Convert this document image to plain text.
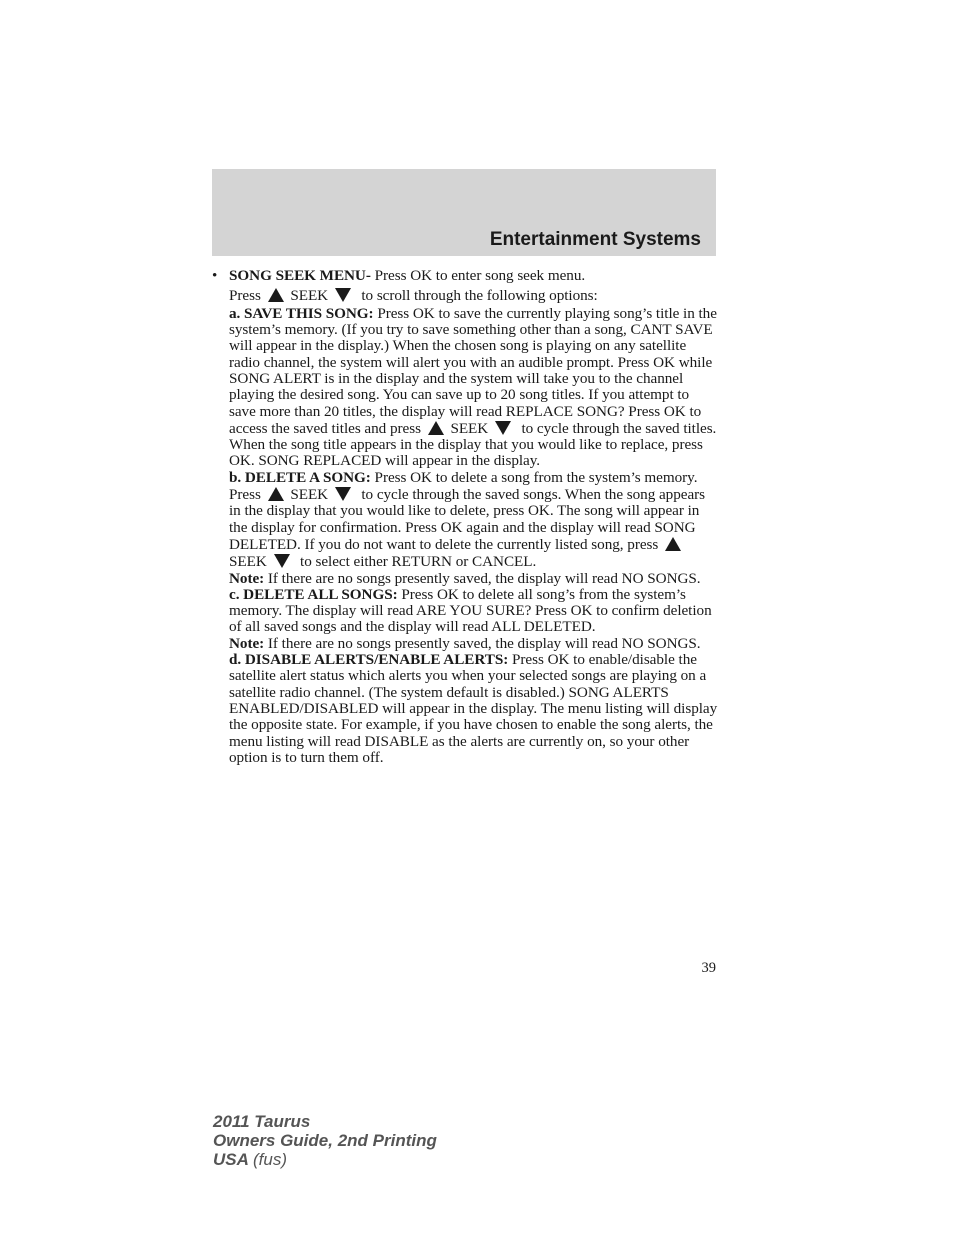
Entertainment Systems
• SONG SEEK MENU- Press OK to enter song seek menu.

Press SEEK to scroll through the following options:

a. SAVE THIS SONG: Press OK to save the currently playing song’s title in the system’s memory. (If you try to save something other than a song, CANT SAVE will appear in the display.) When the chosen song is playing on any satellite radio channel, the system will alert you with an audible prompt. Press OK while SONG ALERT is in the display and the system will take you to the channel playing the desired song. You can save up to 20 song titles. If you attempt to save more than 20 titles, the display will read REPLACE SONG? Press OK to access the saved titles and press SEEK to cycle through the saved titles. When the song title appears in the display that you would like to replace, press OK. SONG REPLACED will appear in the display.

b. DELETE A SONG: Press OK to delete a song from the system’s memory. Press SEEK to cycle through the saved songs. When the song appears in the display that you would like to delete, press OK. The song will appear in the display for confirmation. Press OK again and the display will read SONG DELETED. If you do not want to delete the currently listed song, press  SEEK to select either RETURN or CANCEL.

Note: If there are no songs presently saved, the display will read NO SONGS.

c. DELETE ALL SONGS: Press OK to delete all song’s from the system’s memory. The display will read ARE YOU SURE? Press OK to confirm deletion of all saved songs and the display will read ALL DELETED.

Note: If there are no songs presently saved, the display will read NO SONGS.

d. DISABLE ALERTS/ENABLE ALERTS: Press OK to enable/disable the satellite alert status which alerts you when your selected songs are playing on a satellite radio channel. (The system default is disabled.) SONG ALERTS ENABLED/DISABLED will appear in the display. The menu listing will display the opposite state. For example, if you have chosen to enable the song alerts, the menu listing will read DISABLE as the alerts are currently on, so your other option is to turn them off.

39
2011 Taurus
Owners Guide, 2nd Printing
USA (fus)
